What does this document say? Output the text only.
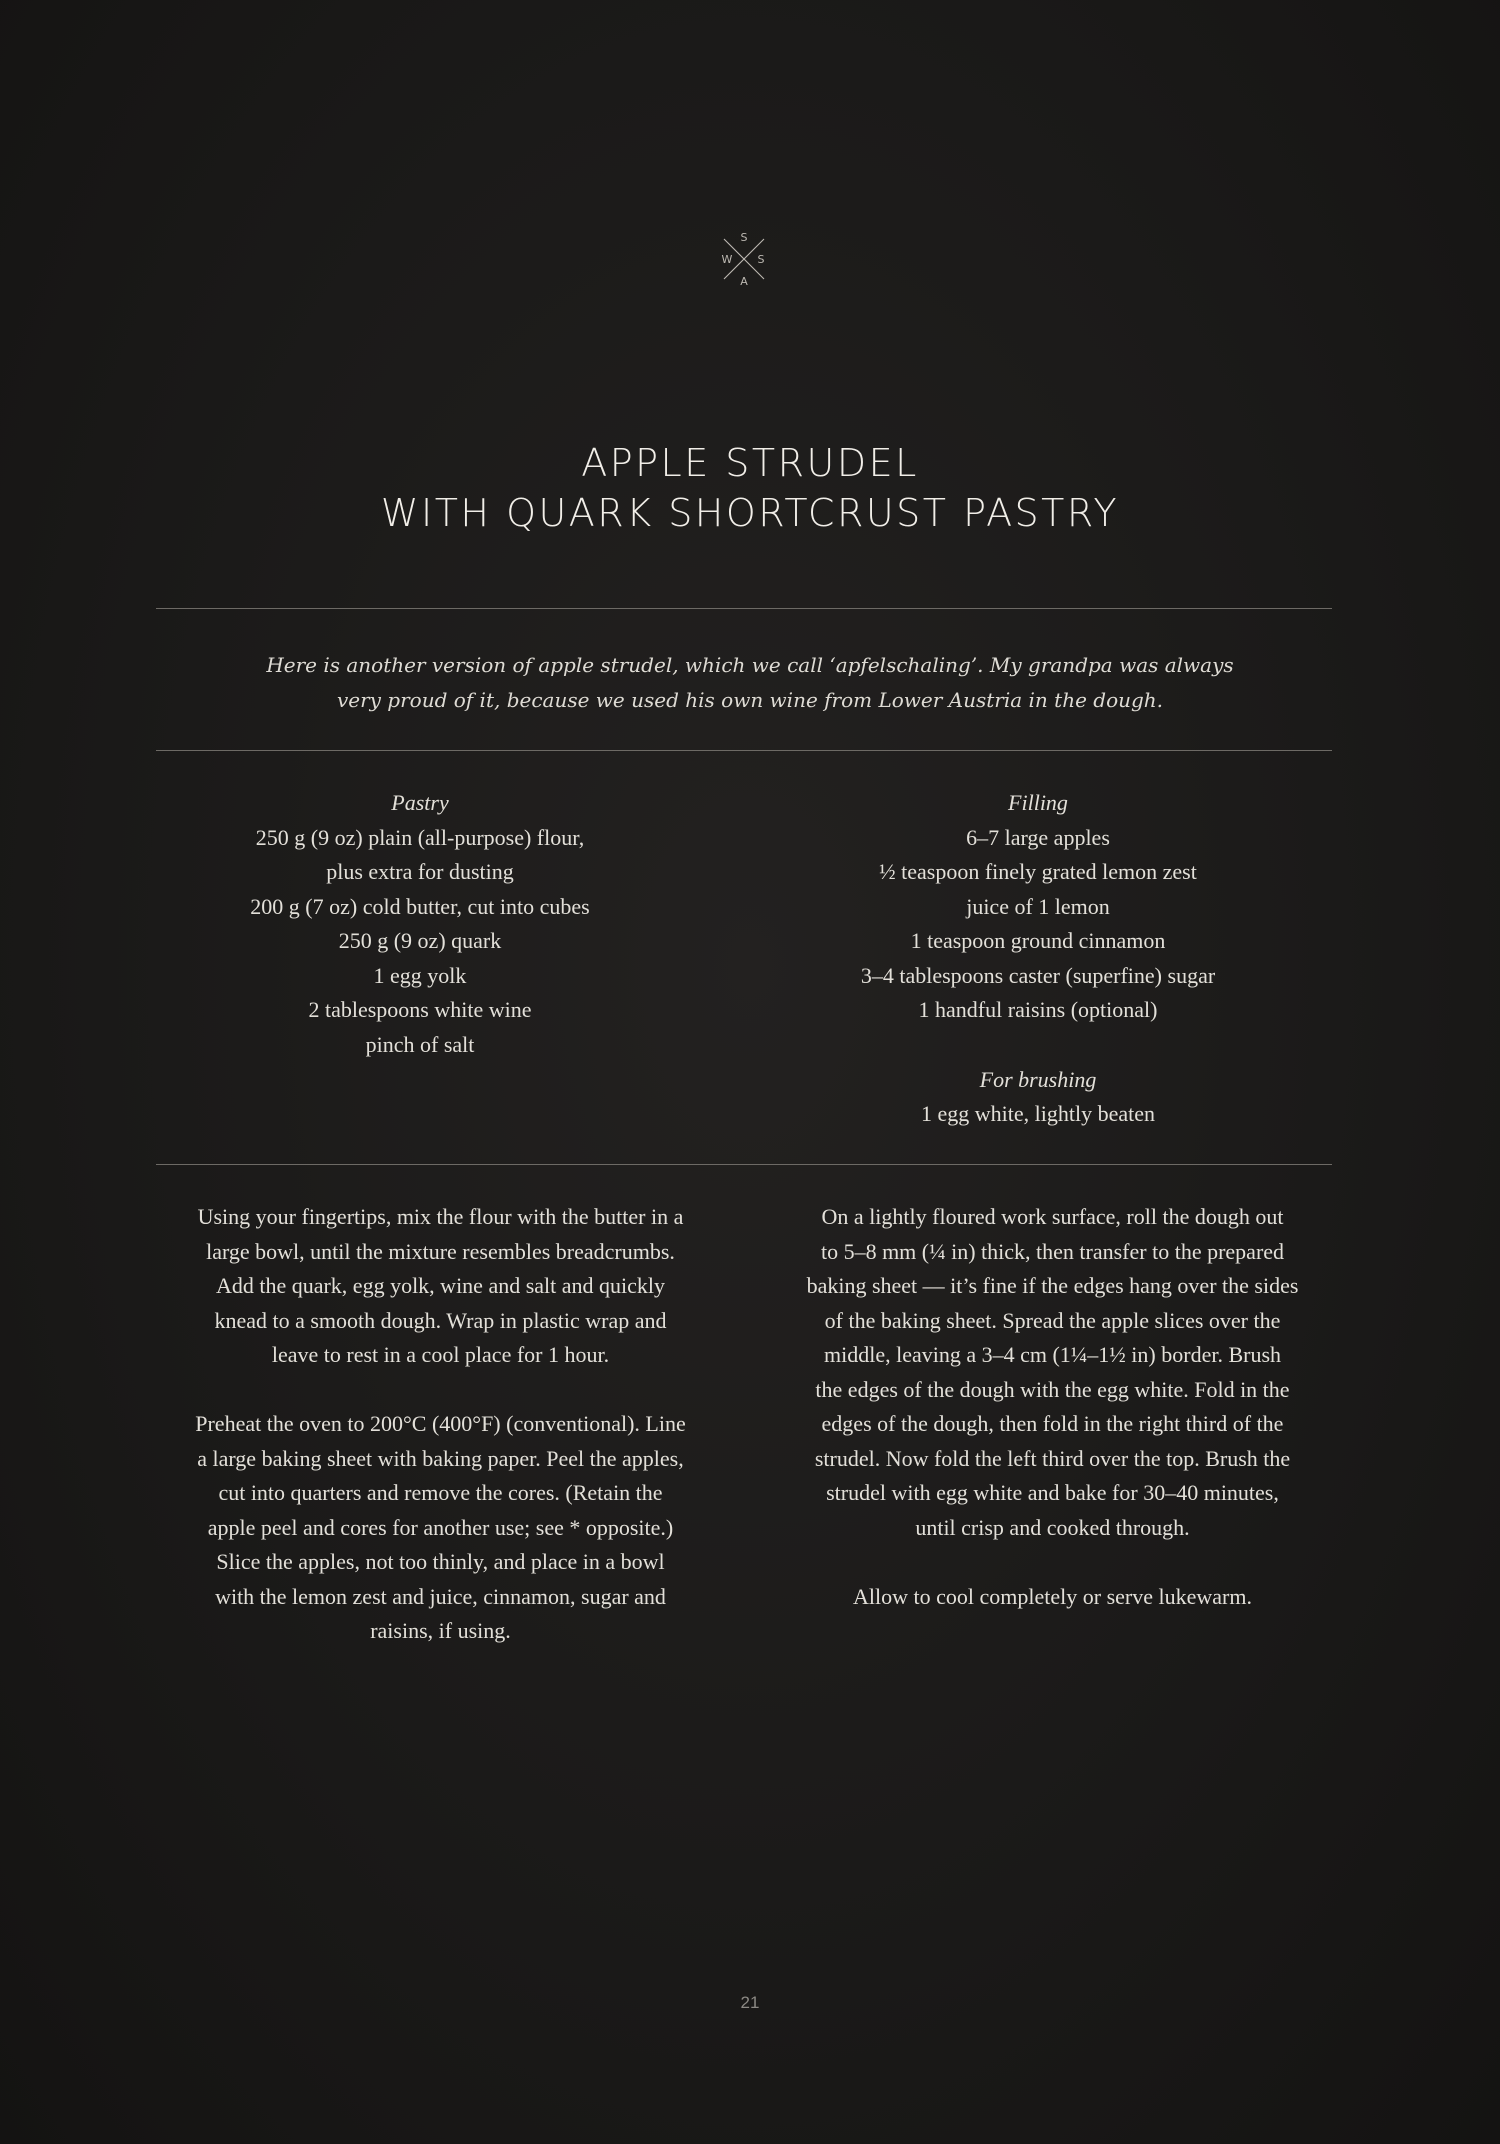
S
W S
A
APPLE STRUDEL
WITH QUARK SHORTCRUST PASTRY
Here is another version of apple strudel, which we call ‘apfelschaling’. My grandpa was always
very proud of it, because we used his own wine from Lower Austria in the dough.
Pastry
250 g (9 oz) plain (all-purpose) flour,
plus extra for dusting
200 g (7 oz) cold butter, cut into cubes
250 g (9 oz) quark
1 egg yolk
2 tablespoons white wine
pinch of salt
Filling
6–7 large apples
½ teaspoon finely grated lemon zest
juice of 1 lemon
1 teaspoon ground cinnamon
3–4 tablespoons caster (superfine) sugar
1 handful raisins (optional)
For brushing
1 egg white, lightly beaten
Using your fingertips, mix the flour with the butter in a
large bowl, until the mixture resembles breadcrumbs.
Add the quark, egg yolk, wine and salt and quickly
knead to a smooth dough. Wrap in plastic wrap and
leave to rest in a cool place for 1 hour.
Preheat the oven to 200°C (400°F) (conventional). Line
a large baking sheet with baking paper. Peel the apples,
cut into quarters and remove the cores. (Retain the
apple peel and cores for another use; see * opposite.)
Slice the apples, not too thinly, and place in a bowl
with the lemon zest and juice, cinnamon, sugar and
raisins, if using.
On a lightly floured work surface, roll the dough out
to 5–8 mm (¼ in) thick, then transfer to the prepared
baking sheet — it’s fine if the edges hang over the sides
of the baking sheet. Spread the apple slices over the
middle, leaving a 3–4 cm (1¼–1½ in) border. Brush
the edges of the dough with the egg white. Fold in the
edges of the dough, then fold in the right third of the
strudel. Now fold the left third over the top. Brush the
strudel with egg white and bake for 30–40 minutes,
until crisp and cooked through.
Allow to cool completely or serve lukewarm.
21
